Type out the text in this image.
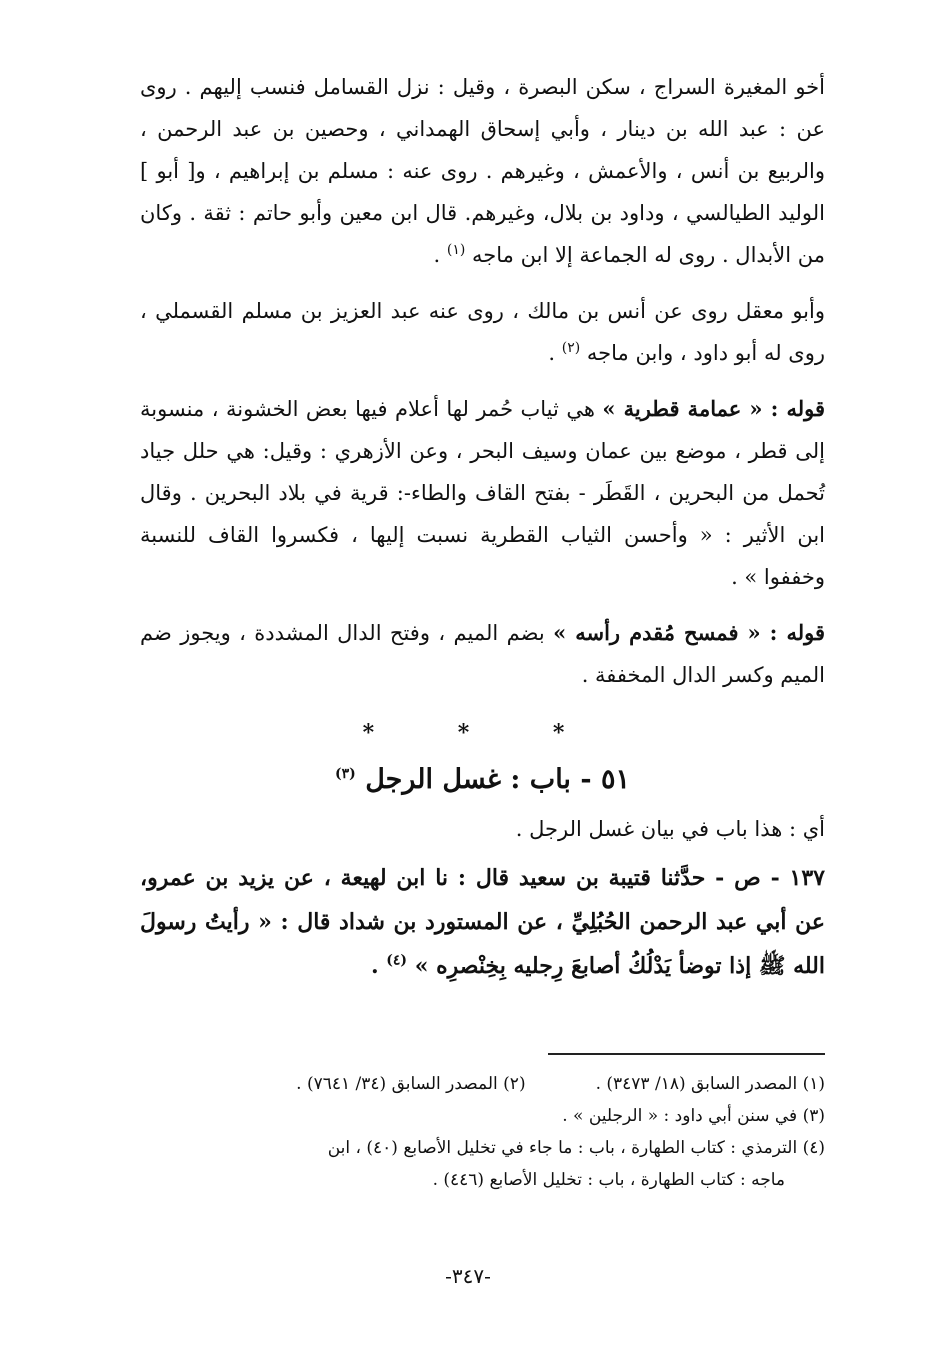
أخو المغيرة السراج ، سكن البصرة ، وقيل : نزل القسامل فنسب إليهم . روى عن : عبد الله بن دينار ، وأبي إسحاق الهمداني ، وحصين بن عبد الرحمن ، والربيع بن أنس ، والأعمش ، وغيرهم . روى عنه : مسلم بن إبراهيم ، و[ أبو ] الوليد الطيالسي ، وداود بن بلال، وغيرهم. قال ابن معين وأبو حاتم : ثقة . وكان من الأبدال . روى له الجماعة إلا ابن ماجه $^{(١)}$ .

وأبو معقل روى عن أنس بن مالك ، روى عنه عبد العزيز بن مسلم القسملي ، روى له أبو داود ، وابن ماجه $^{(٢)}$ .

قوله : « عمامة قطرية » هي ثياب حُمر لها أعلام فيها بعض الخشونة ، منسوبة إلى قطر ، موضع بين عمان وسيف البحر ، وعن الأزهري : وقيل: هي حلل جياد تُحمل من البحرين ، القَطَر - بفتح القاف والطاء-: قرية في بلاد البحرين . وقال ابن الأثير : « وأحسن الثياب القطرية نسبت إليها ، فكسروا القاف للنسبة وخففوا » .

قوله : « فمسح مُقدم رأسه » بضم الميم ، وفتح الدال المشددة ، ويجوز ضم الميم وكسر الدال المخففة .

* * *
٥١ - باب : غسل الرجل $^{(٣)}$

أي : هذا باب في بيان غسل الرجل .

١٣٧ - ص - حدَّثنا قتيبة بن سعيد قال : نا ابن لهيعة ، عن يزيد بن عمرو، عن أبي عبد الرحمن الحُبُلِيِّ ، عن المستورد بن شداد قال : « رأيتُ رسولَ الله ﷺ إذا توضأ يَدْلُكُ أصابعَ رِجليه بِخِنْصرِه » $^{(٤)}$ .

(١) المصدر السابق (١٨/ ٣٤٧٣) .
(٢) المصدر السابق (٣٤/ ٧٦٤١) .
(٣) في سنن أبي داود : « الرجلين » .
(٤) الترمذي : كتاب الطهارة ، باب : ما جاء في تخليل الأصابع (٤٠) ، ابن
ماجه : كتاب الطهارة ، باب : تخليل الأصابع (٤٤٦) .
-٣٤٧-
